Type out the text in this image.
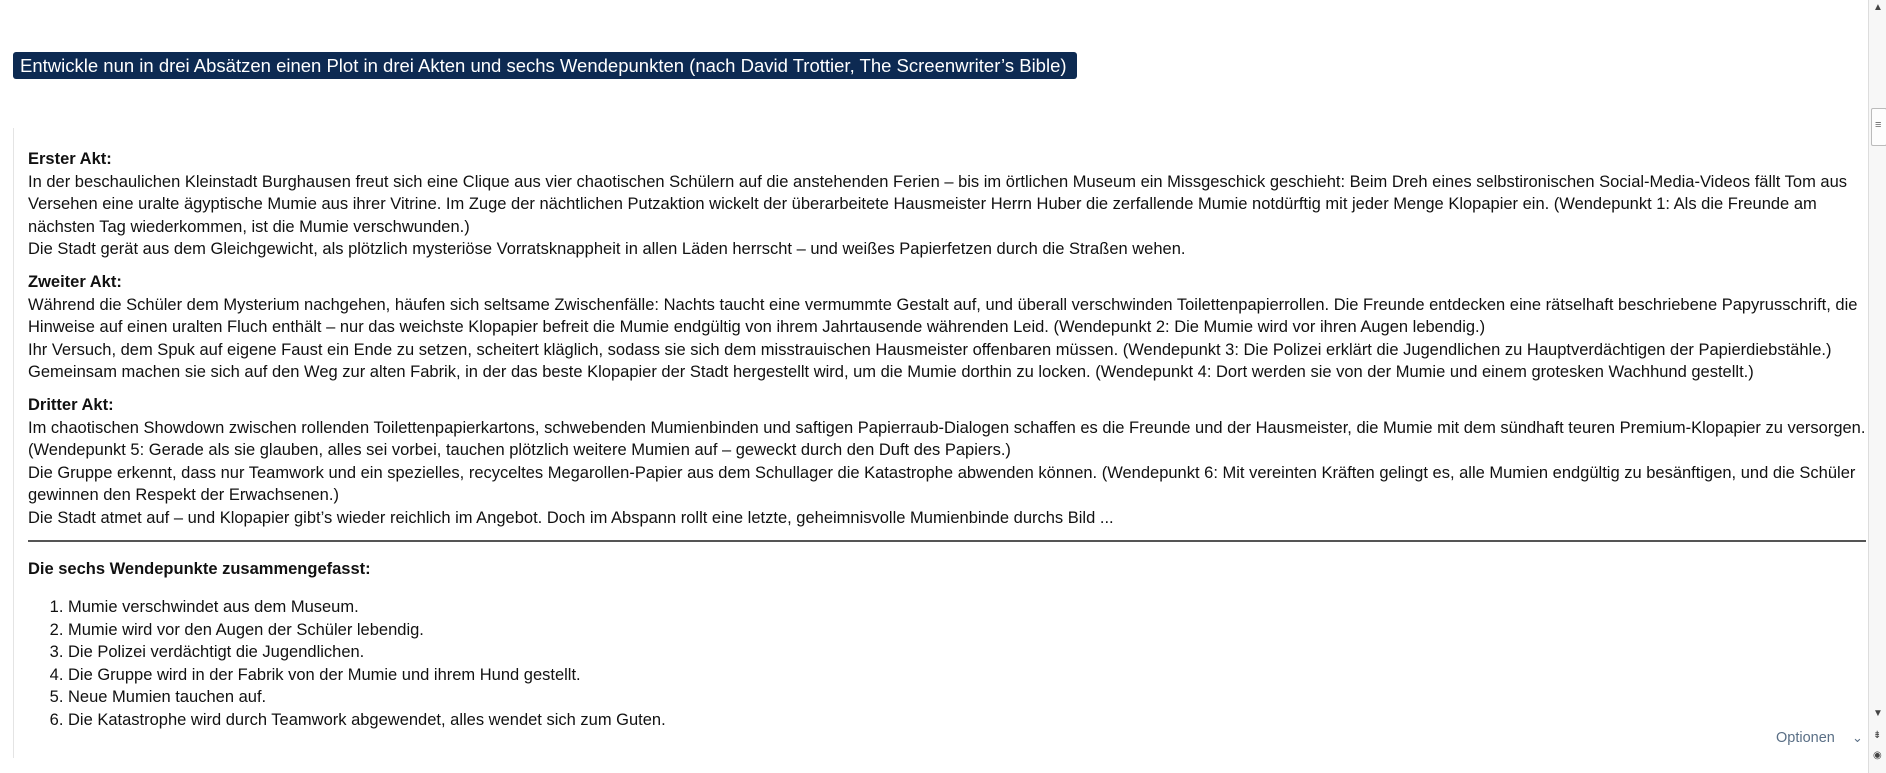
Entwickle nun in drei Absätzen einen Plot in drei Akten und sechs Wendepunkten (nach David Trottier, The Screenwriter’s Bible)
Erster Akt:

In der beschaulichen Kleinstadt Burghausen freut sich eine Clique aus vier chaotischen Schülern auf die anstehenden Ferien – bis im örtlichen Museum ein Missgeschick geschieht: Beim Dreh eines selbstironischen Social-Media-Videos fällt Tom aus Versehen eine uralte ägyptische Mumie aus ihrer Vitrine. Im Zuge der nächtlichen Putzaktion wickelt der überarbeitete Hausmeister Herrn Huber die zerfallende Mumie notdürftig mit jeder Menge Klopapier ein. (Wendepunkt 1: Als die Freunde am nächsten Tag wiederkommen, ist die Mumie verschwunden.)

Die Stadt gerät aus dem Gleichgewicht, als plötzlich mysteriöse Vorratsknappheit in allen Läden herrscht – und weißes Papierfetzen durch die Straßen wehen.

Zweiter Akt:

Während die Schüler dem Mysterium nachgehen, häufen sich seltsame Zwischenfälle: Nachts taucht eine vermummte Gestalt auf, und überall verschwinden Toilettenpapierrollen. Die Freunde entdecken eine rätselhaft beschriebene Papyrusschrift, die Hinweise auf einen uralten Fluch enthält – nur das weichste Klopapier befreit die Mumie endgültig von ihrem Jahrtausende währenden Leid. (Wendepunkt 2: Die Mumie wird vor ihren Augen lebendig.)

Ihr Versuch, dem Spuk auf eigene Faust ein Ende zu setzen, scheitert kläglich, sodass sie sich dem misstrauischen Hausmeister offenbaren müssen. (Wendepunkt 3: Die Polizei erklärt die Jugendlichen zu Hauptverdächtigen der Papierdiebstähle.)

Gemeinsam machen sie sich auf den Weg zur alten Fabrik, in der das beste Klopapier der Stadt hergestellt wird, um die Mumie dorthin zu locken. (Wendepunkt 4: Dort werden sie von der Mumie und einem grotesken Wachhund gestellt.)

Dritter Akt:

Im chaotischen Showdown zwischen rollenden Toilettenpapierkartons, schwebenden Mumienbinden und saftigen Papierraub-Dialogen schaffen es die Freunde und der Hausmeister, die Mumie mit dem sündhaft teuren Premium-Klopapier zu versorgen. (Wendepunkt 5: Gerade als sie glauben, alles sei vorbei, tauchen plötzlich weitere Mumien auf – geweckt durch den Duft des Papiers.)

Die Gruppe erkennt, dass nur Teamwork und ein spezielles, recyceltes Megarollen-Papier aus dem Schullager die Katastrophe abwenden können. (Wendepunkt 6: Mit vereinten Kräften gelingt es, alle Mumien endgültig zu besänftigen, und die Schüler gewinnen den Respekt der Erwachsenen.)

Die Stadt atmet auf – und Klopapier gibt’s wieder reichlich im Angebot. Doch im Abspann rollt eine letzte, geheimnisvolle Mumienbinde durchs Bild ...

Die sechs Wendepunkte zusammengefasst:
1. Mumie verschwindet aus dem Museum.
2. Mumie wird vor den Augen der Schüler lebendig.
3. Die Polizei verdächtigt die Jugendlichen.
4. Die Gruppe wird in der Fabrik von der Mumie und ihrem Hund gestellt.
5. Neue Mumien tauchen auf.
6. Die Katastrophe wird durch Teamwork abgewendet, alles wendet sich zum Guten.
Optionen ⌄
▲
≡
▼
⇟
◉
